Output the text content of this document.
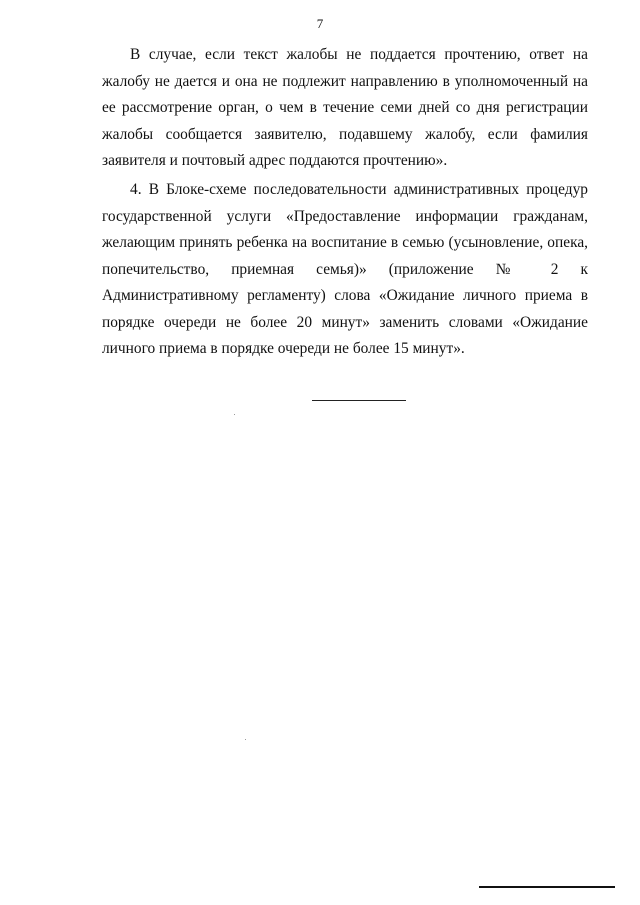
7

В случае, если текст жалобы не поддается прочтению, ответ на жалобу не дается и она не подлежит направлению в уполномоченный на ее рассмотрение орган, о чем в течение семи дней со дня регистрации жалобы сообщается заявителю, подавшему жалобу, если фамилия заявителя и почтовый адрес поддаются прочтению».

4. В Блоке-схеме последовательности административных процедур государственной услуги «Предоставление информации гражданам, желающим принять ребенка на воспитание в семью (усыновление, опека, попечительство, приемная семья)» (приложение № 2 к Административному регламенту) слова «Ожидание личного приема в порядке очереди не более 20 минут» заменить словами «Ожидание личного приема в порядке очереди не более 15 минут».
